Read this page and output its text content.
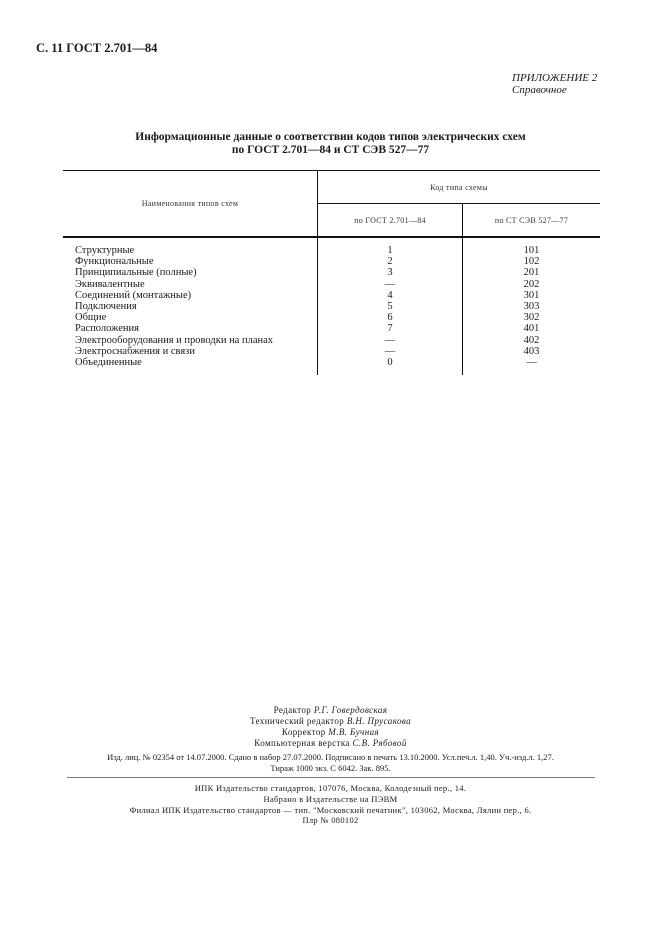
С. 11 ГОСТ 2.701—84
ПРИЛОЖЕНИЕ 2
Справочное
Информационные данные о соответствии кодов типов электрических схем
по ГОСТ 2.701—84 и СТ СЭВ 527—77
Наименования типов схем	Код типа схемы	
	по ГОСТ 2.701—84	по СТ СЭВ 527—77
Структурные	1	101
Функциональные	2	102
Принципиальные (полные)	3	201
Эквивалентные	—	202
Соединений (монтажные)	4	301
Подключения	5	303
Общие	6	302
Расположения	7	401
Электрооборудования и проводки на планах	—	402
Электроснабжения и связи	—	403
Объединенные	0	—
Редактор Р.Г. Говердовская
Технический редактор В.Н. Прусакова
Корректор М.В. Бучная
Компьютерная верстка С.В. Рябовой
Изд. лиц. № 02354 от 14.07.2000. Сдано в набор 27.07.2000. Подписано в печать 13.10.2000. Усл.печ.л. 1,40. Уч.-изд.л. 1,27.
Тираж 1000 экз. С 6042. Зак. 895.
ИПК Издательство стандартов, 107076, Москва, Колодезный пер., 14.
Набрано в Издательстве на ПЭВМ
Филиал ИПК Издательство стандартов — тип. "Московский печатник", 103062, Москва, Лялин пер., 6.
Плр № 080102
